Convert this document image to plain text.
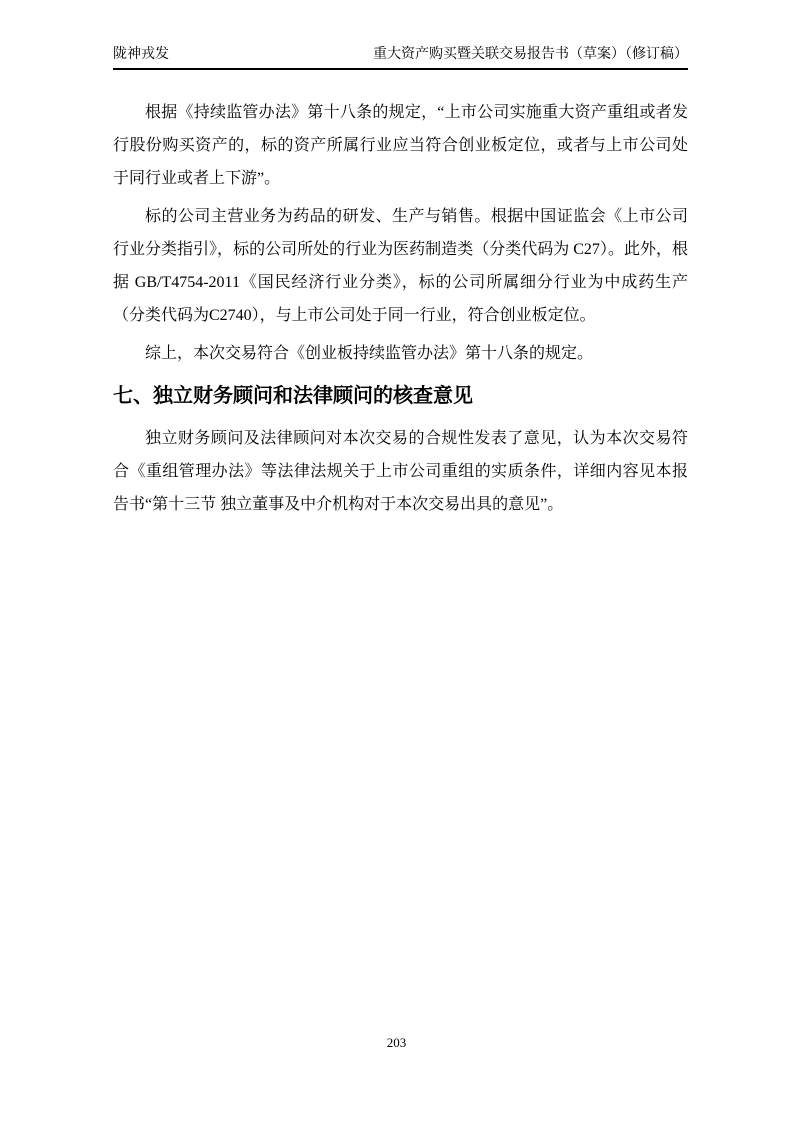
陇神戎发	重大资产购买暨关联交易报告书（草案）（修订稿）

根据《持续监管办法》第十八条的规定，“上市公司实施重大资产重组或者发行股份购买资产的，标的资产所属行业应当符合创业板定位，或者与上市公司处于同行业或者上下游”。

标的公司主营业务为药品的研发、生产与销售。根据中国证监会《上市公司行业分类指引》，标的公司所处的行业为医药制造类（分类代码为 C27）。此外，根据 GB/T4754-2011《国民经济行业分类》，标的公司所属细分行业为中成药生产（分类代码为C2740），与上市公司处于同一行业，符合创业板定位。

综上，本次交易符合《创业板持续监管办法》第十八条的规定。

七、独立财务顾问和法律顾问的核查意见

独立财务顾问及法律顾问对本次交易的合规性发表了意见，认为本次交易符合《重组管理办法》等法律法规关于上市公司重组的实质条件，详细内容见本报告书“第十三节 独立董事及中介机构对于本次交易出具的意见”。

203
